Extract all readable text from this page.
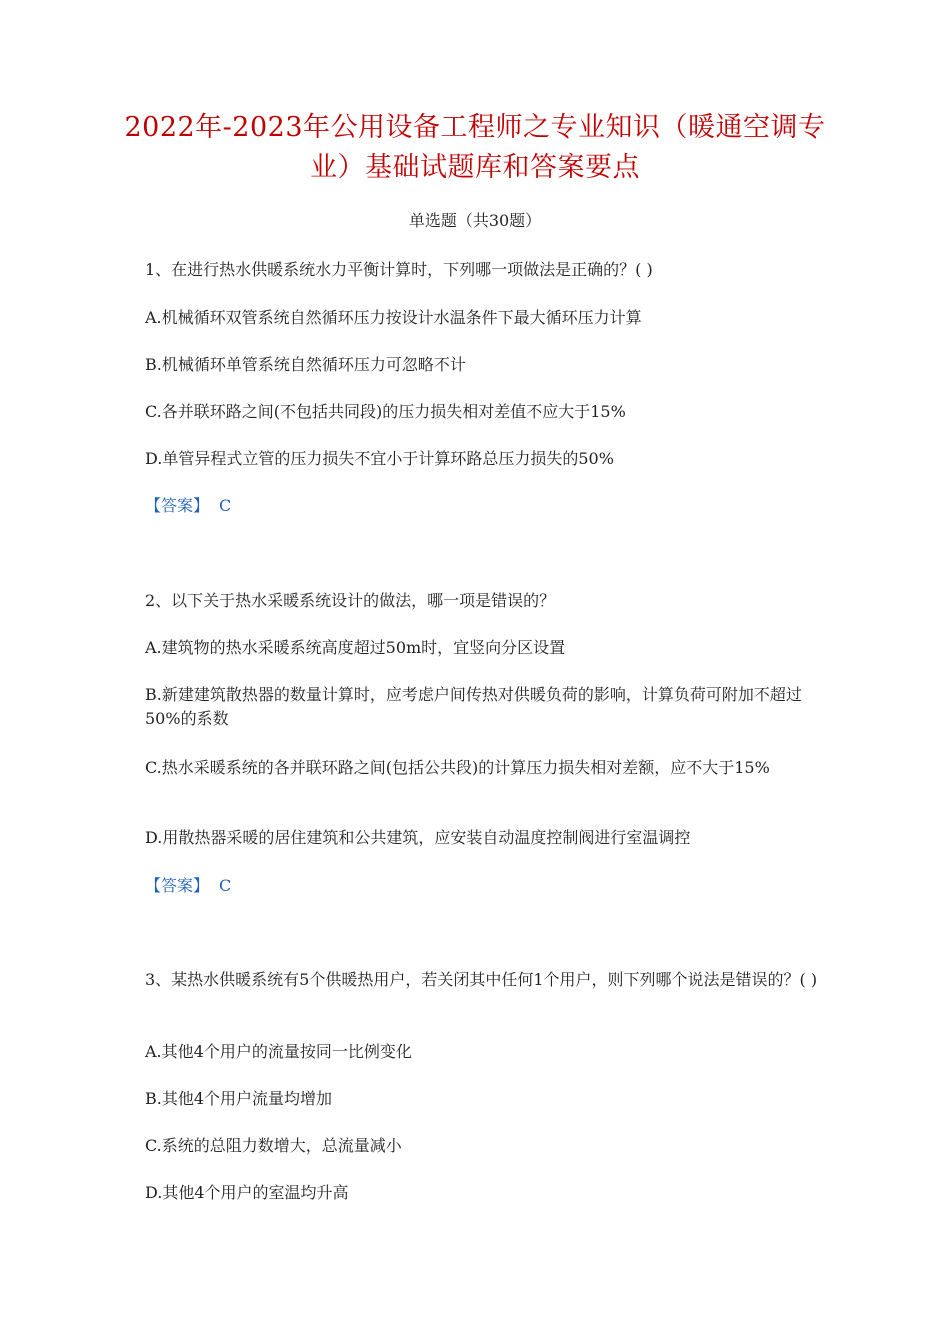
2022年-2023年公用设备工程师之专业知识（暖通空调专业）基础试题库和答案要点
单选题（共30题）
1、在进行热水供暖系统水力平衡计算时，下列哪一项做法是正确的？( )
A.机械循环双管系统自然循环压力按设计水温条件下最大循环压力计算
B.机械循环单管系统自然循环压力可忽略不计
C.各并联环路之间(不包括共同段)的压力损失相对差值不应大于15%
D.单管异程式立管的压力损失不宜小于计算环路总压力损失的50%
【答案】 C
2、以下关于热水采暖系统设计的做法，哪一项是错误的？
A.建筑物的热水采暖系统高度超过50m时，宜竖向分区设置
B.新建建筑散热器的数量计算时，应考虑户间传热对供暖负荷的影响，计算负荷可附加不超过50%的系数
C.热水采暖系统的各并联环路之间(包括公共段)的计算压力损失相对差额，应不大于15%
D.用散热器采暖的居住建筑和公共建筑，应安装自动温度控制阀进行室温调控
【答案】 C
3、某热水供暖系统有5个供暖热用户，若关闭其中任何1个用户，则下列哪个说法是错误的？( )
A.其他4个用户的流量按同一比例变化
B.其他4个用户流量均增加
C.系统的总阻力数增大，总流量减小
D.其他4个用户的室温均升高
